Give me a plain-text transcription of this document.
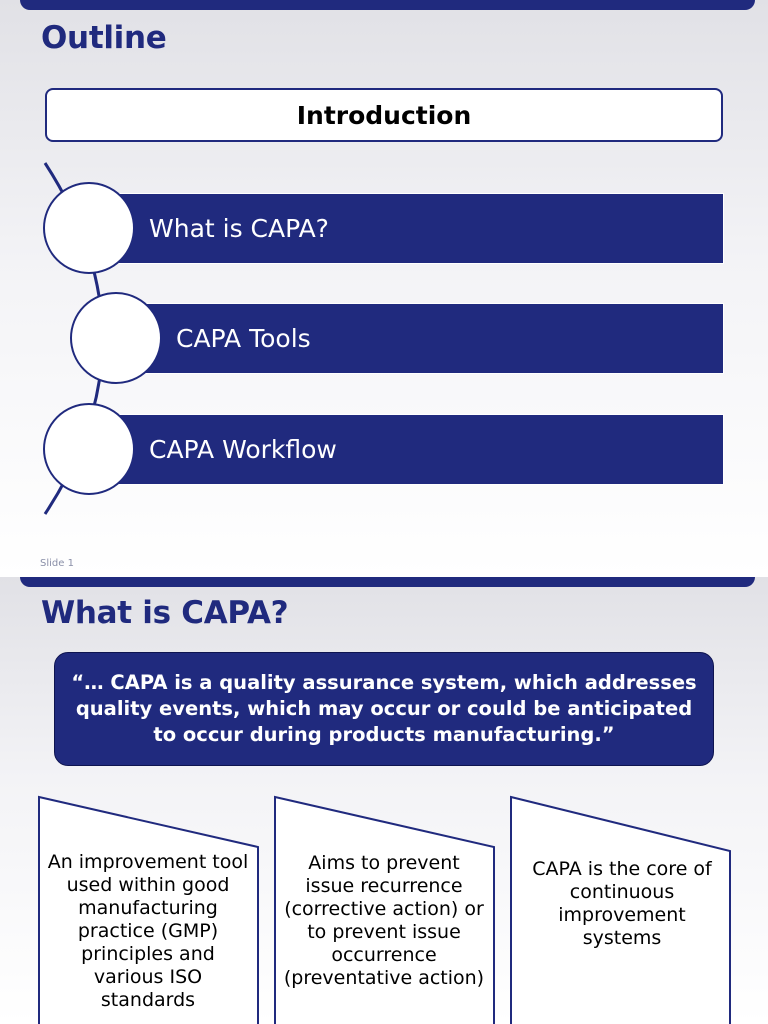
Outline
Introduction
What is CAPA?
CAPA Tools
CAPA Workflow
Slide 1
What is CAPA?
“… CAPA is a quality assurance system, which addresses quality events, which may occur or could be anticipated to occur during products manufacturing.”
An improvement tool used within good manufacturing practice (GMP) principles and various ISO standards
Aims to prevent issue recurrence (corrective action) or to prevent issue occurrence (preventative action)
CAPA is the core of continuous improvement systems
